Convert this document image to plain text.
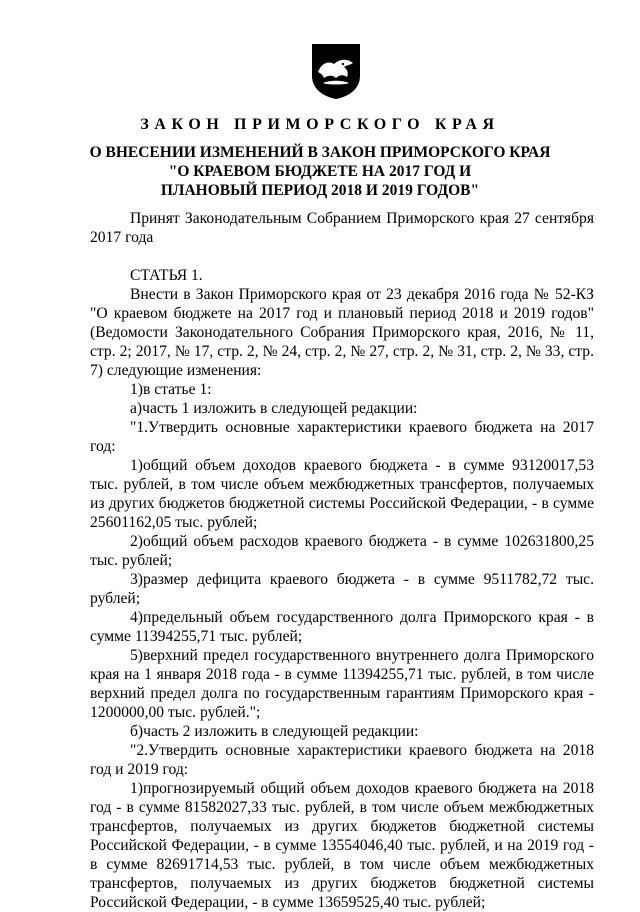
ЗАКОН ПРИМОРСКОГО КРАЯ
О ВНЕСЕНИИ ИЗМЕНЕНИЙ В ЗАКОН ПРИМОРСКОГО КРАЯ
"О КРАЕВОМ БЮДЖЕТЕ НА 2017 ГОД И
ПЛАНОВЫЙ ПЕРИОД 2018 И 2019 ГОДОВ"

Принят Законодательным Собранием Приморского края 27 сентября 2017 года

СТАТЬЯ 1.

Внести в Закон Приморского края от 23 декабря 2016 года № 52-КЗ "О краевом бюджете на 2017 год и плановый период 2018 и 2019 годов" (Ведомости Законодательного Собрания Приморского края, 2016, № 11, стр. 2; 2017, № 17, стр. 2, № 24, стр. 2, № 27, стр. 2, № 31, стр. 2, № 33, стр. 7) следующие изменения:

1)в статье 1:

а)часть 1 изложить в следующей редакции:

"1.Утвердить основные характеристики краевого бюджета на 2017 год:

1)общий объем доходов краевого бюджета - в сумме 93120017,53 тыс. рублей, в том числе объем межбюджетных трансфертов, получаемых из других бюджетов бюджетной системы Российской Федерации, - в сумме 25601162,05 тыс. рублей;

2)общий объем расходов краевого бюджета - в сумме 102631800,25 тыс. рублей;

3)размер дефицита краевого бюджета - в сумме 9511782,72 тыс. рублей;

4)предельный объем государственного долга Приморского края - в сумме 11394255,71 тыс. рублей;

5)верхний предел государственного внутреннего долга Приморского края на 1 января 2018 года - в сумме 11394255,71 тыс. рублей, в том числе верхний предел долга по государственным гарантиям Приморского края - 1200000,00 тыс. рублей.";

б)часть 2 изложить в следующей редакции:

"2.Утвердить основные характеристики краевого бюджета на 2018 год и 2019 год:

1)прогнозируемый общий объем доходов краевого бюджета на 2018 год - в сумме 81582027,33 тыс. рублей, в том числе объем межбюджетных трансфертов, получаемых из других бюджетов бюджетной системы Российской Федерации, - в сумме 13554046,40 тыс. рублей, и на 2019 год - в сумме 82691714,53 тыс. рублей, в том числе объем межбюджетных трансфертов, получаемых из других бюджетов бюджетной системы Российской Федерации, - в сумме 13659525,40 тыс. рублей;
